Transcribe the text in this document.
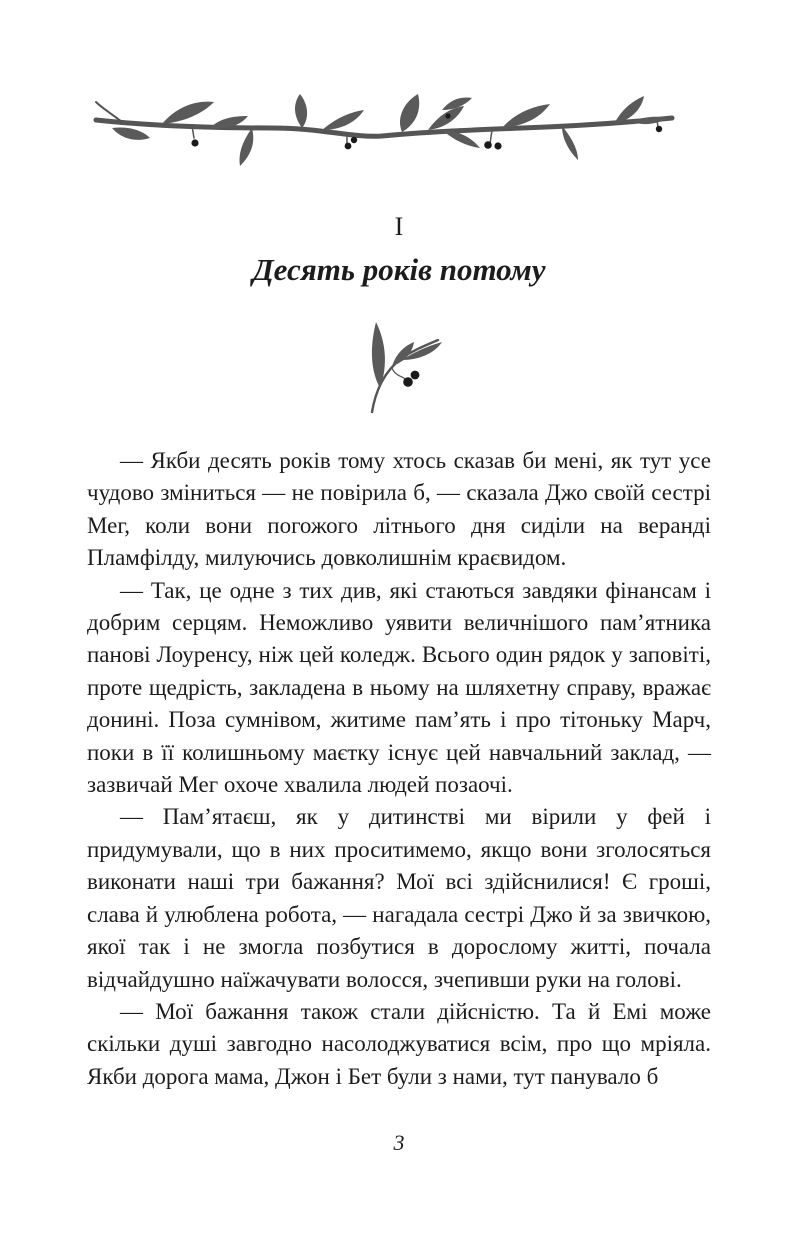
I
Десять років потому

— Якби десять років тому хтось сказав би мені, як тут усе чудово зміниться — не повірила б, — сказала Джо своїй сестрі Мег, коли вони погожого літнього дня сиділи на веранді Пламфілду, милуючись довколишнім краєвидом.

— Так, це одне з тих див, які стаються завдяки фінансам і добрим серцям. Неможливо уявити величнішого пам’ятника панові Лоуренсу, ніж цей коледж. Всього один рядок у заповіті, проте щедрість, закладена в ньому на шляхетну справу, вражає донині. Поза сумнівом, житиме пам’ять і про тітоньку Марч, поки в її колишньому маєтку існує цей навчальний заклад, — зазвичай Мег охоче хвалила людей позаочі.

— Пам’ятаєш, як у дитинстві ми вірили у фей і придумували, що в них проситимемо, якщо вони зголосяться виконати наші три бажання? Мої всі здійснилися! Є гроші, слава й улюблена робота, — нагадала сестрі Джо й за звичкою, якої так і не змогла позбутися в дорослому житті, почала відчайдушно наїжачувати волосся, зчепивши руки на голові.

— Мої бажання також стали дійсністю. Та й Емі може скільки душі завгодно насолоджуватися всім, про що мріяла. Якби дорога мама, Джон і Бет були з нами, тут панувало б

3
